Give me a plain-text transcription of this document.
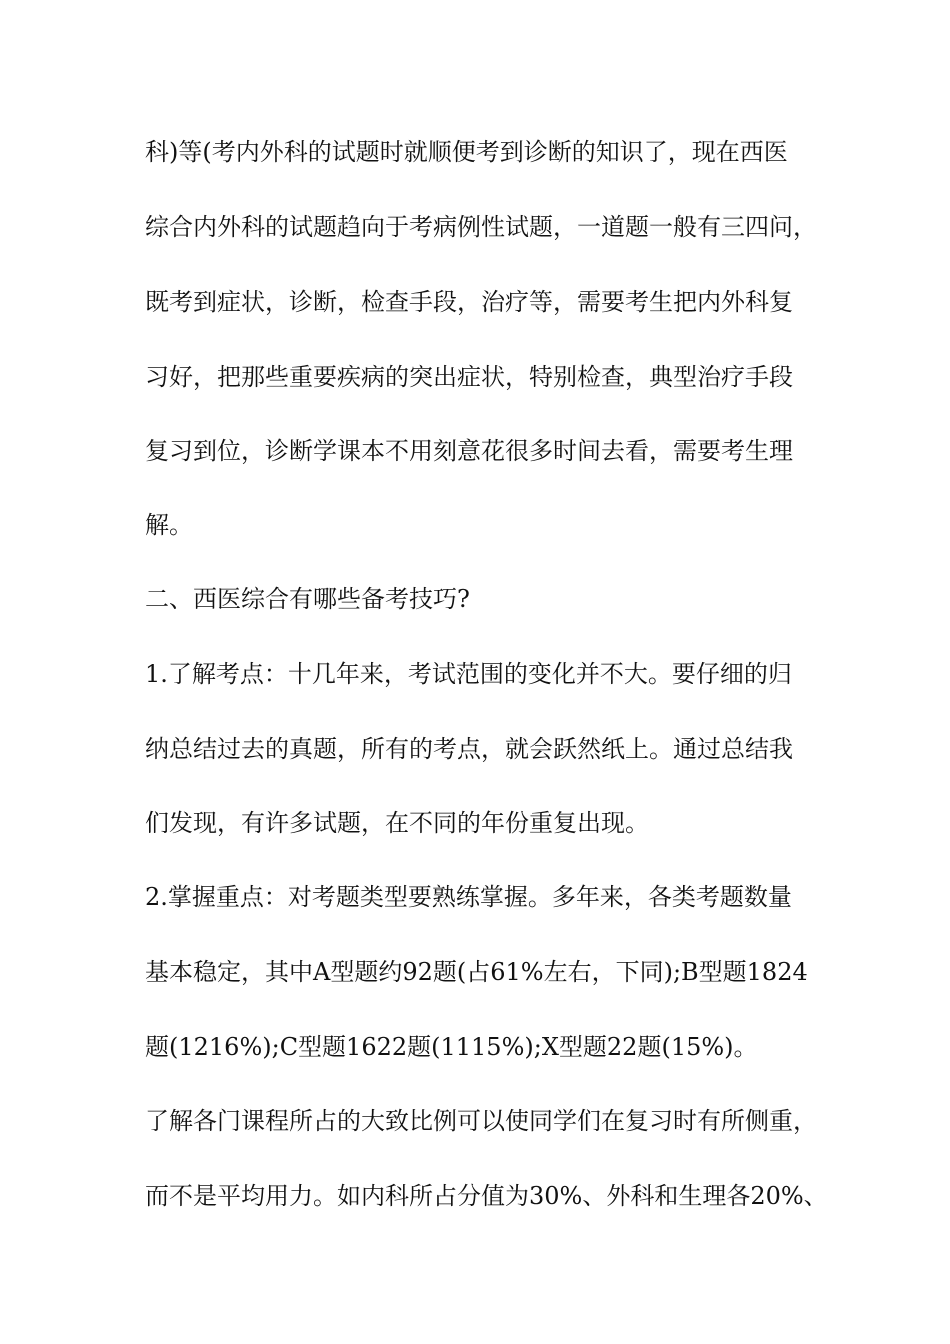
科)等(考内外科的试题时就顺便考到诊断的知识了，现在西医
综合内外科的试题趋向于考病例性试题，一道题一般有三四问，
既考到症状，诊断，检查手段，治疗等，需要考生把内外科复
习好，把那些重要疾病的突出症状，特别检查，典型治疗手段
复习到位，诊断学课本不用刻意花很多时间去看，需要考生理
解。
二、西医综合有哪些备考技巧?
1.了解考点：十几年来，考试范围的变化并不大。要仔细的归
纳总结过去的真题，所有的考点，就会跃然纸上。通过总结我
们发现，有许多试题，在不同的年份重复出现。
2.掌握重点：对考题类型要熟练掌握。多年来，各类考题数量
基本稳定，其中A型题约92题(占61%左右，下同);B型题1824
题(1216%);C型题1622题(1115%);X型题22题(15%)。
了解各门课程所占的大致比例可以使同学们在复习时有所侧重，
而不是平均用力。如内科所占分值为30%、外科和生理各20%、
